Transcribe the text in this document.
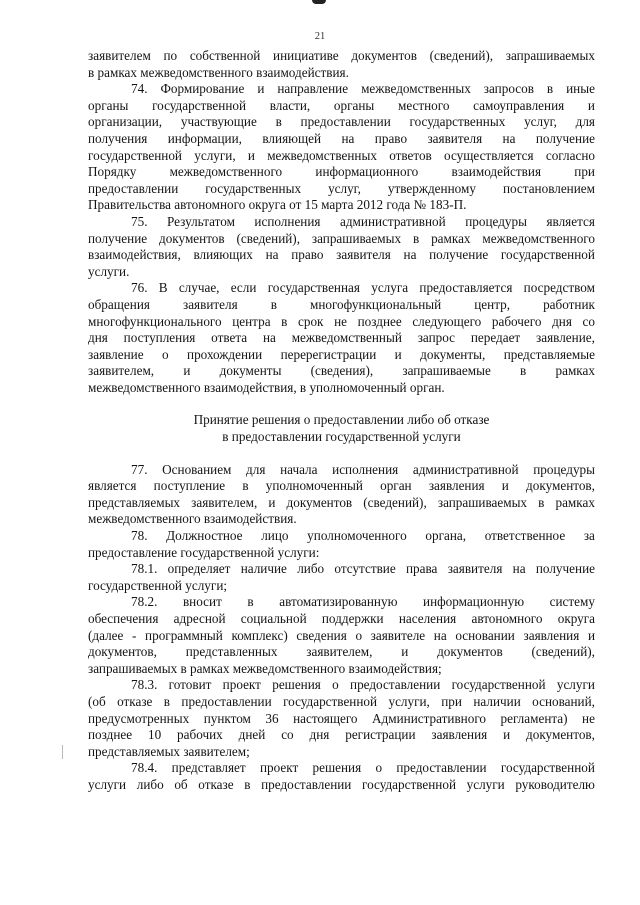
21
заявителем по собственной инициативе документов (сведений), запрашиваемых
в рамках межведомственного взаимодействия.
74. Формирование и направление межведомственных запросов в иные
органы государственной власти, органы местного самоуправления и
организации, участвующие в предоставлении государственных услуг, для
получения информации, влияющей на право заявителя на получение
государственной услуги, и межведомственных ответов осуществляется согласно
Порядку	межведомственного	информационного	взаимодействия	при
предоставлении государственных услуг, утвержденному постановлением
Правительства автономного округа от 15 марта 2012 года № 183-П.
75. Результатом исполнения административной процедуры является
получение документов (сведений), запрашиваемых в рамках межведомственного
взаимодействия, влияющих на право заявителя на получение государственной
услуги.
76. В случае, если государственная услуга предоставляется посредством
обращения	заявителя	в	многофункциональный	центр,	работник
многофункционального центра в срок не позднее следующего рабочего дня со
дня поступления ответа на межведомственный запрос передает заявление,
заявление о прохождении перерегистрации и документы, представляемые
заявителем, и документы (сведения), запрашиваемые в рамках
межведомственного взаимодействия, в уполномоченный орган.
Принятие решения о предоставлении либо об отказе
в предоставлении государственной услуги
77. Основанием для начала исполнения административной процедуры
является поступление в уполномоченный орган заявления и документов,
представляемых заявителем, и документов (сведений), запрашиваемых в рамках
межведомственного взаимодействия.
78. Должностное лицо уполномоченного органа, ответственное за
предоставление государственной услуги:
78.1. определяет наличие либо отсутствие права заявителя на получение
государственной услуги;
78.2. вносит в автоматизированную информационную систему
обеспечения адресной социальной поддержки населения автономного округа
(далее - программный комплекс) сведения о заявителе на основании заявления и
документов, представленных заявителем, и документов (сведений),
запрашиваемых в рамках межведомственного взаимодействия;
78.3. готовит проект решения о предоставлении государственной услуги
(об отказе в предоставлении государственной услуги, при наличии оснований,
предусмотренных пунктом 36 настоящего Административного регламента) не
позднее 10 рабочих дней со дня регистрации заявления и документов,
представляемых заявителем;
78.4. представляет проект решения о предоставлении государственной
услуги либо об отказе в предоставлении государственной услуги руководителю
